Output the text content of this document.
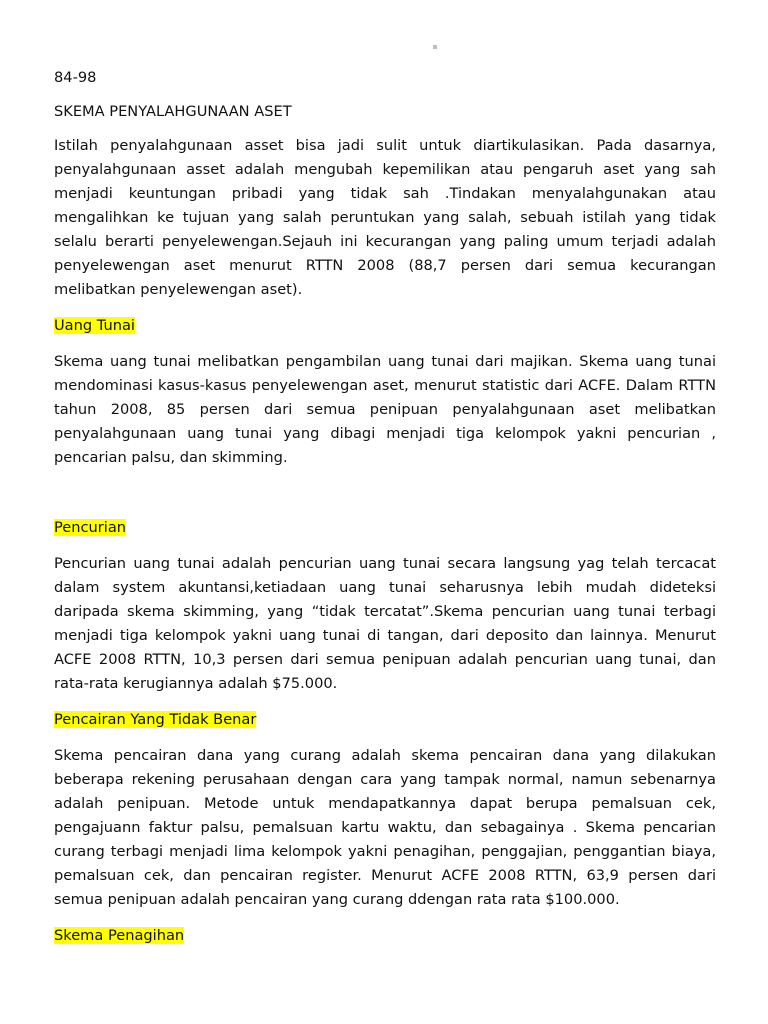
84-98

SKEMA PENYALAHGUNAAN ASET

Istilah penyalahgunaan asset bisa jadi sulit untuk diartikulasikan. Pada dasarnya, penyalahgunaan asset adalah mengubah kepemilikan atau pengaruh aset yang sah menjadi keuntungan pribadi yang tidak sah .Tindakan menyalahgunakan atau mengalihkan ke tujuan yang salah peruntukan yang salah, sebuah istilah yang tidak selalu berarti penyelewengan.Sejauh ini kecurangan yang paling umum terjadi adalah penyelewengan aset menurut RTTN 2008 (88,7 persen dari semua kecurangan melibatkan penyelewengan aset).

Uang Tunai

Skema uang tunai melibatkan pengambilan uang tunai dari majikan. Skema uang tunai mendominasi kasus-kasus penyelewengan aset, menurut statistic dari ACFE. Dalam RTTN tahun 2008, 85 persen dari semua penipuan penyalahgunaan aset melibatkan penyalahgunaan uang tunai yang dibagi menjadi tiga kelompok yakni pencurian , pencarian palsu, dan skimming.

Pencurian

Pencurian uang tunai adalah pencurian uang tunai secara langsung yag telah tercacat dalam system akuntansi,ketiadaan uang tunai seharusnya lebih mudah dideteksi daripada skema skimming, yang “tidak tercatat”.Skema pencurian uang tunai terbagi menjadi tiga kelompok yakni uang tunai di tangan, dari deposito dan lainnya. Menurut ACFE 2008 RTTN, 10,3 persen dari semua penipuan adalah pencurian uang tunai, dan rata-rata kerugiannya adalah $75.000.

Pencairan Yang Tidak Benar

Skema pencairan dana yang curang adalah skema pencairan dana yang dilakukan beberapa rekening perusahaan dengan cara yang tampak normal, namun sebenarnya adalah penipuan. Metode untuk mendapatkannya dapat berupa pemalsuan cek, pengajuann faktur palsu, pemalsuan kartu waktu, dan sebagainya . Skema pencarian curang terbagi menjadi lima kelompok yakni penagihan, penggajian, penggantian biaya, pemalsuan cek, dan pencairan register. Menurut ACFE 2008 RTTN, 63,9 persen dari semua penipuan adalah pencairan yang curang ddengan rata rata $100.000.

Skema Penagihan
